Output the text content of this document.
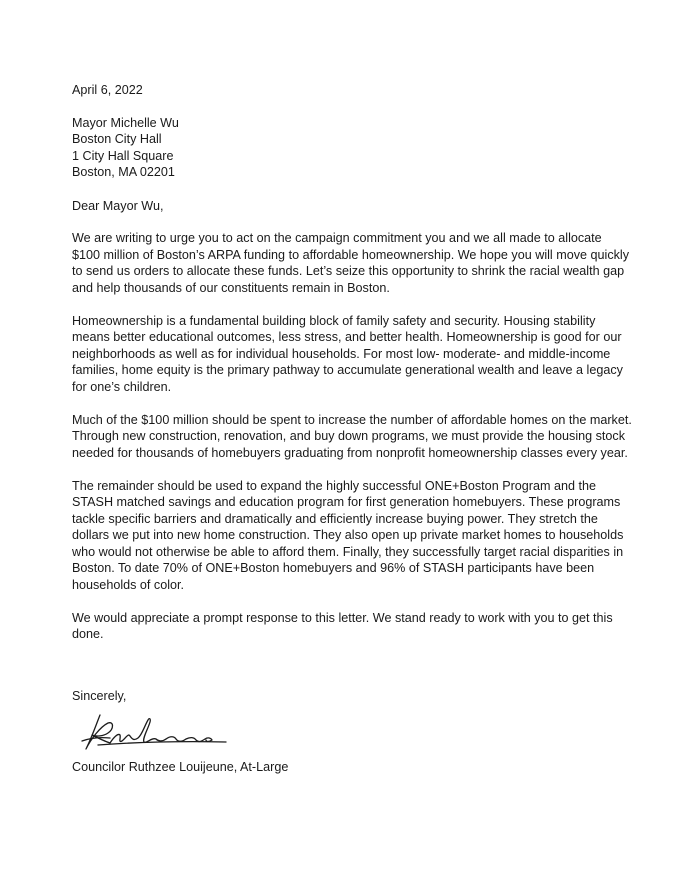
April 6, 2022

Mayor Michelle Wu

Boston City Hall

1 City Hall Square

Boston, MA 02201

Dear Mayor Wu,

We are writing to urge you to act on the campaign commitment you and we all made to allocate $100 million of Boston’s ARPA funding to affordable homeownership. We hope you will move quickly to send us orders to allocate these funds. Let’s seize this opportunity to shrink the racial wealth gap and help thousands of our constituents remain in Boston.

Homeownership is a fundamental building block of family safety and security. Housing stability means better educational outcomes, less stress, and better health. Homeownership is good for our neighborhoods as well as for individual households. For most low- moderate- and middle-income families, home equity is the primary pathway to accumulate generational wealth and leave a legacy for one’s children.

Much of the $100 million should be spent to increase the number of affordable homes on the market. Through new construction, renovation, and buy down programs, we must provide the housing stock needed for thousands of homebuyers graduating from nonprofit homeownership classes every year.

The remainder should be used to expand the highly successful ONE+Boston Program and the STASH matched savings and education program for first generation homebuyers. These programs tackle specific barriers and dramatically and efficiently increase buying power. They stretch the dollars we put into new home construction. They also open up private market homes to households who would not otherwise be able to afford them. Finally, they successfully target racial disparities in Boston. To date 70% of ONE+Boston homebuyers and 96% of STASH participants have been households of color.

We would appreciate a prompt response to this letter. We stand ready to work with you to get this done.

Sincerely,

Councilor Ruthzee Louijeune, At-Large
